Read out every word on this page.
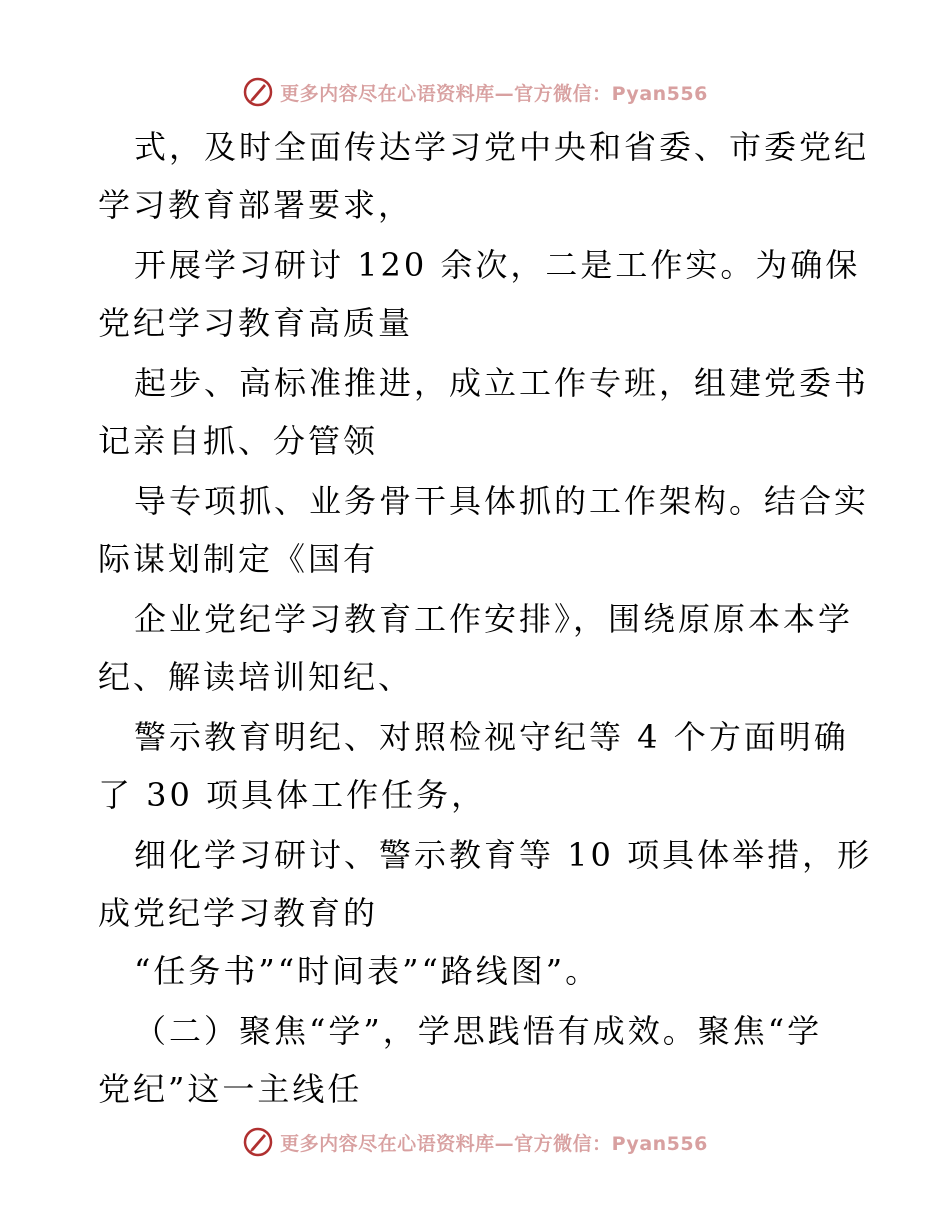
更多内容尽在心语资料库—官方微信：Pyan556
式，及时全面传达学习党中央和省委、市委党纪
学习教育部署要求，
开展学习研讨 120 余次，二是工作实。为确保
党纪学习教育高质量
起步、高标准推进，成立工作专班，组建党委书
记亲自抓、分管领
导专项抓、业务骨干具体抓的工作架构。结合实
际谋划制定《国有
企业党纪学习教育工作安排》，围绕原原本本学
纪、解读培训知纪、
警示教育明纪、对照检视守纪等 4 个方面明确
了 30 项具体工作任务，
细化学习研讨、警示教育等 10 项具体举措，形
成党纪学习教育的
“任务书”“时间表”“路线图”。
（二）聚焦“学”，学思践悟有成效。聚焦“学
党纪”这一主线任
更多内容尽在心语资料库—官方微信：Pyan556
